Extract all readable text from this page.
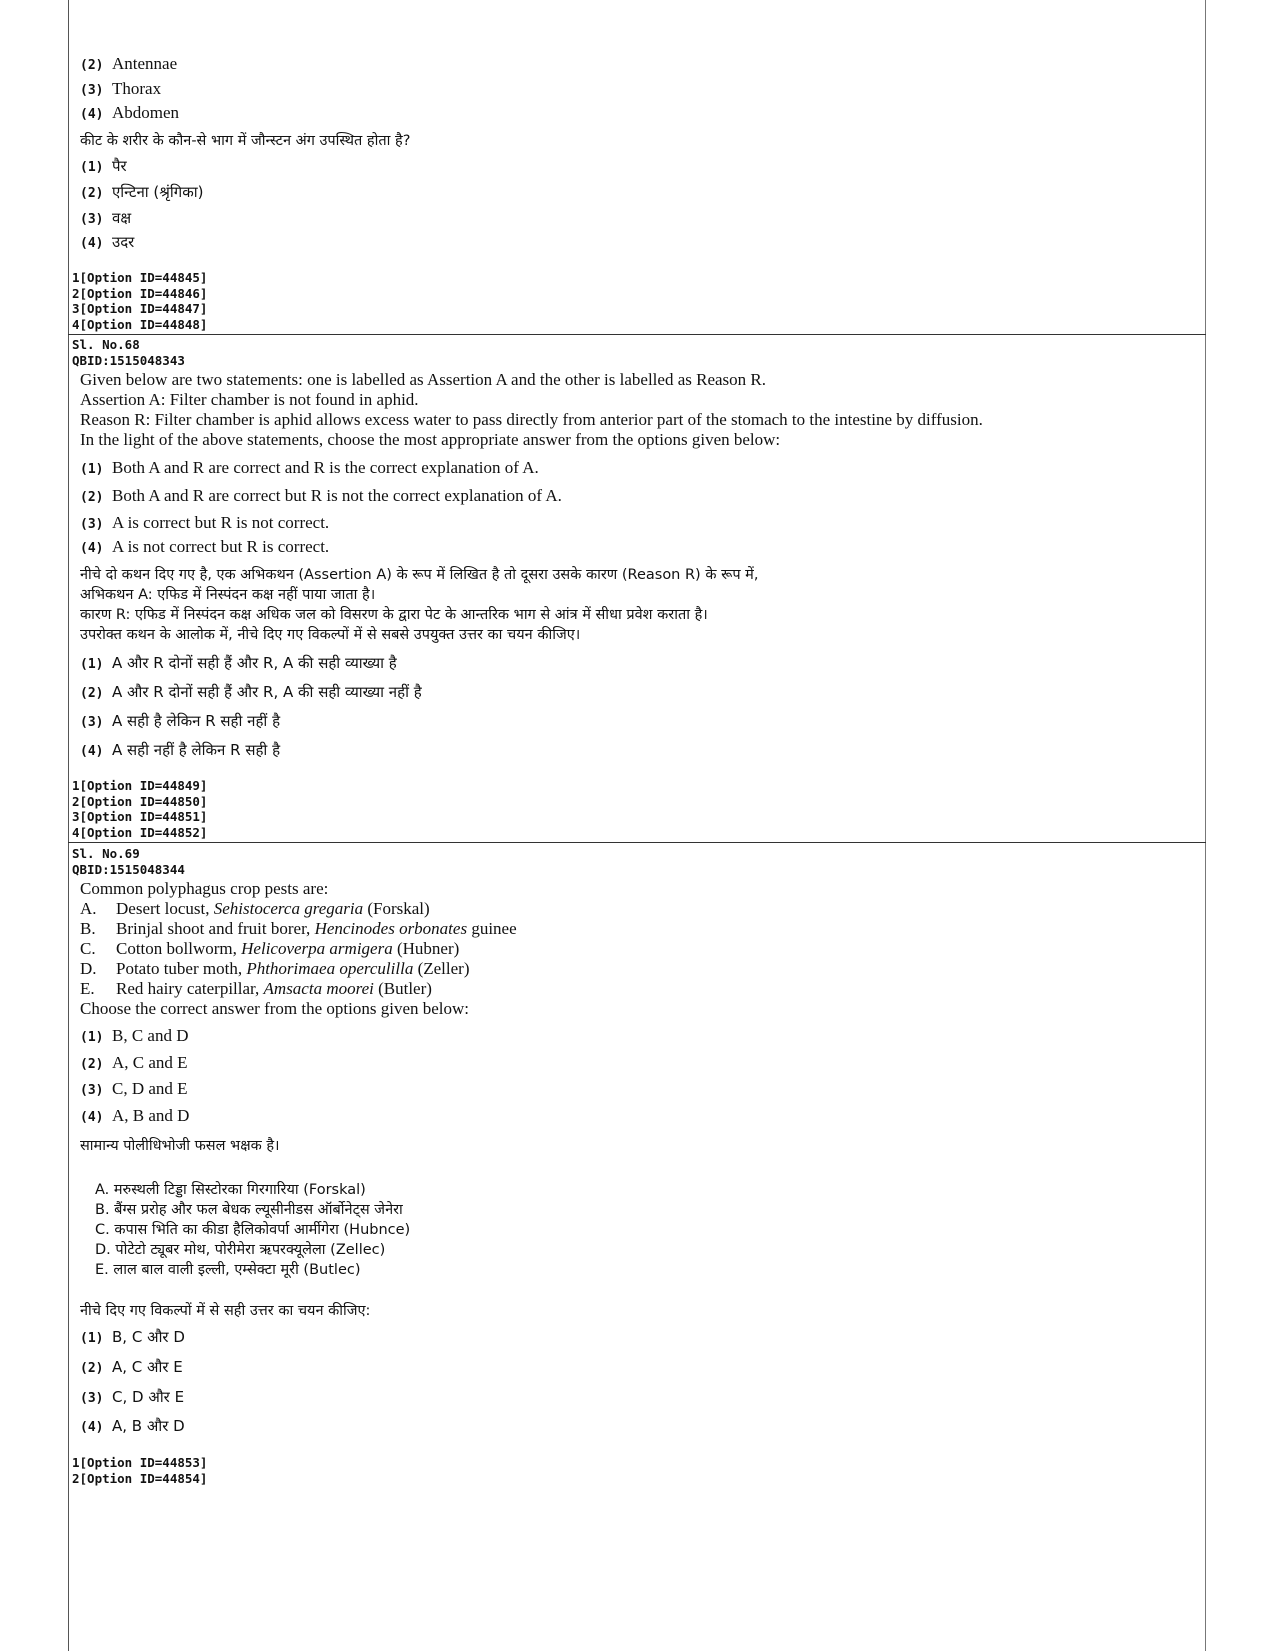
(2) Antennae
(3) Thorax
(4) Abdomen
कीट के शरीर के कौन-से भाग में जौन्स्टन अंग उपस्थित होता है?
(1) पैर
(2) एन्टिना (श्रृंगिका)
(3) वक्ष
(4) उदर
1[Option ID=44845]
2[Option ID=44846]
3[Option ID=44847]
4[Option ID=44848]
Sl. No.68
QBID:1515048343
Given below are two statements: one is labelled as Assertion A and the other is labelled as Reason R.
Assertion A: Filter chamber is not found in aphid.
Reason R: Filter chamber is aphid allows excess water to pass directly from anterior part of the stomach to the intestine by diffusion.
In the light of the above statements, choose the most appropriate answer from the options given below:
(1) Both A and R are correct and R is the correct explanation of A.
(2) Both A and R are correct but R is not the correct explanation of A.
(3) A is correct but R is not correct.
(4) A is not correct but R is correct.
नीचे दो कथन दिए गए है, एक अभिकथन (Assertion A) के रूप में लिखित है तो दूसरा उसके कारण (Reason R) के रूप में,
अभिकथन A: एफिड में निस्पंदन कक्ष नहीं पाया जाता है।
कारण R: एफिड में निस्पंदन कक्ष अधिक जल को विसरण के द्वारा पेट के आन्तरिक भाग से आंत्र में सीधा प्रवेश कराता है।
उपरोक्त कथन के आलोक में, नीचे दिए गए विकल्पों में से सबसे उपयुक्त उत्तर का चयन कीजिए।
(1) A और R दोनों सही हैं और R, A की सही व्याख्या है
(2) A और R दोनों सही हैं और R, A की सही व्याख्या नहीं है
(3) A सही है लेकिन R सही नहीं है
(4) A सही नहीं है लेकिन R सही है
1[Option ID=44849]
2[Option ID=44850]
3[Option ID=44851]
4[Option ID=44852]
Sl. No.69
QBID:1515048344
Common polyphagus crop pests are:
A. Desert locust, Sehistocerca gregaria (Forskal)
B. Brinjal shoot and fruit borer, Hencinodes orbonates guinee
C. Cotton bollworm, Helicoverpa armigera (Hubner)
D. Potato tuber moth, Phthorimaea operculilla (Zeller)
E. Red hairy caterpillar, Amsacta moorei (Butler)
Choose the correct answer from the options given below:
(1) B, C and D
(2) A, C and E
(3) C, D and E
(4) A, B and D
सामान्य पोलीधिभोजी फसल भक्षक है।
A. मरुस्थली टिड्डा सिस्टोरका गिरगारिया (Forskal)
B. बैंग्स प्ररोह और फल बेधक ल्यूसीनीडस ऑर्बोनेट्स जेनेरा
C. कपास भिति का कीडा हैलिकोवर्पा आर्मीगेरा (Hubnce)
D. पोटेटो ट्यूबर मोथ, पोरीमेरा ऋपरक्यूलेला (Zellec)
E. लाल बाल वाली इल्ली, एम्सेक्टा मूरी (Butlec)
नीचे दिए गए विकल्पों में से सही उत्तर का चयन कीजिए:
(1) B, C और D
(2) A, C और E
(3) C, D और E
(4) A, B और D
1[Option ID=44853]
2[Option ID=44854]
